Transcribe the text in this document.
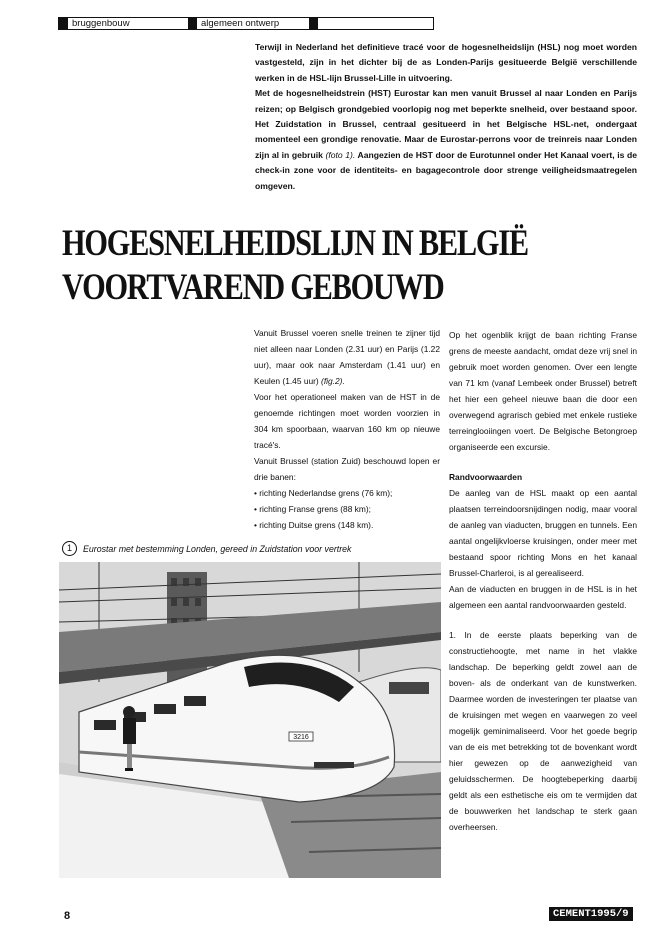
bruggenbouw	algemeen ontwerp

Terwijl in Nederland het definitieve tracé voor de hogesnelheidslijn (HSL) nog moet worden vastgesteld, zijn in het dichter bij de as Londen-Parijs gesitueerde België verschillende werken in de HSL-lijn Brussel-Lille in uitvoering.

Met de hogesnelheidstrein (HST) Eurostar kan men vanuit Brussel al naar Londen en Parijs reizen; op Belgisch grondgebied voorlopig nog met beperkte snelheid, over bestaand spoor. Het Zuidstation in Brussel, centraal gesitueerd in het Belgische HSL-net, ondergaat momenteel een grondige renovatie. Maar de Eurostar-perrons voor de treinreis naar Londen zijn al in gebruik (foto 1). Aangezien de HST door de Eurotunnel onder Het Kanaal voert, is de check-in zone voor de identiteits- en bagagecontrole door strenge veiligheidsmaatregelen omgeven.

HOGESNELHEIDSLIJN IN BELGIË
VOORTVAREND GEBOUWD

Vanuit Brussel voeren snelle treinen te zijner tijd niet alleen naar Londen (2.31 uur) en Parijs (1.22 uur), maar ook naar Amsterdam (1.41 uur) en Keulen (1.45 uur) (fig.2).

Voor het operationeel maken van de HST in de genoemde richtingen moet worden voorzien in 304 km spoorbaan, waarvan 160 km op nieuwe tracé's.

Vanuit Brussel (station Zuid) beschouwd lopen er drie banen:

• richting Nederlandse grens (76 km);

• richting Franse grens (88 km);

• richting Duitse grens (148 km).

1	Eurostar met bestemming Londen, gereed in Zuidstation voor vertrek
3216

Op het ogenblik krijgt de baan richting Franse grens de meeste aandacht, omdat deze vrij snel in gebruik moet worden genomen. Over een lengte van 71 km (vanaf Lembeek onder Brussel) betreft het hier een geheel nieuwe baan die door een overwegend agrarisch gebied met enkele rustieke terreinglooiingen voert. De Belgische Betongroep organiseerde een excursie.

Randvoorwaarden

De aanleg van de HSL maakt op een aantal plaatsen terreindoorsnijdingen nodig, maar vooral de aanleg van viaducten, bruggen en tunnels. Een aantal ongelijkvloerse kruisingen, onder meer met bestaand spoor richting Mons en het kanaal Brussel-Charleroi, is al gerealiseerd.

Aan de viaducten en bruggen in de HSL is in het algemeen een aantal randvoorwaarden gesteld.

1. In de eerste plaats beperking van de constructiehoogte, met name in het vlakke landschap. De beperking geldt zowel aan de boven- als de onderkant van de kunstwerken. Daarmee worden de investeringen ter plaatse van de kruisingen met wegen en vaarwegen zo veel mogelijk geminimaliseerd. Voor het goede begrip van de eis met betrekking tot de bovenkant wordt hier gewezen op de aanwezigheid van geluidsschermen. De hoogtebeperking daarbij geldt als een esthetische eis om te vermijden dat de bouwwerken het landschap te sterk gaan overheersen.

8	CEMENT1995/9
